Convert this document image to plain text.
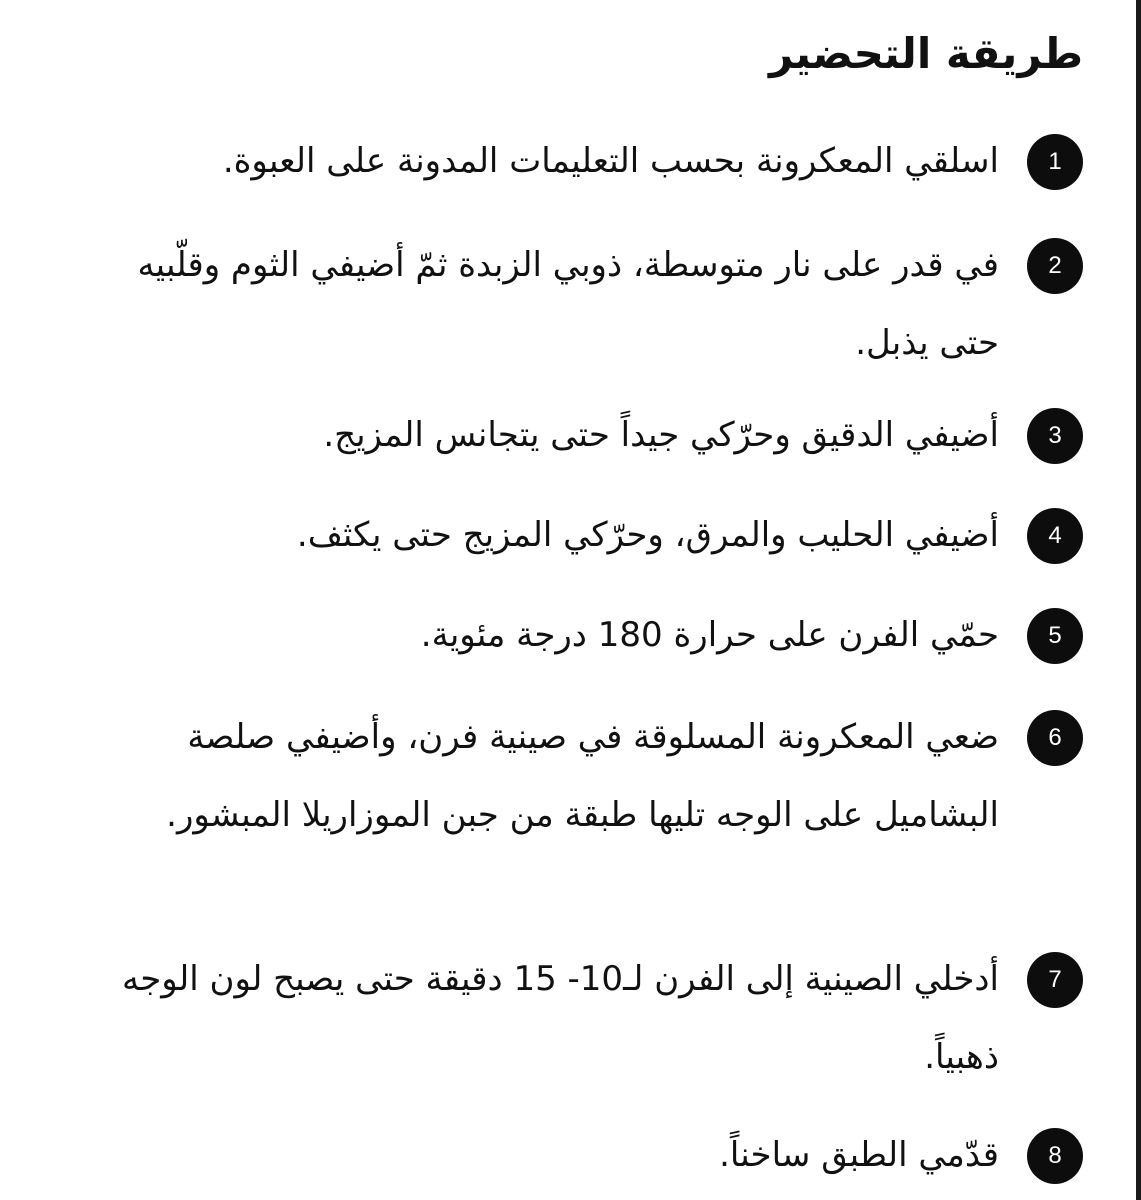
طريقة التحضير
1
اسلقي المعكرونة بحسب التعليمات المدونة على العبوة.
2
في قدر على نار متوسطة، ذوبي الزبدة ثمّ أضيفي الثوم وقلّبيه حتى يذبل.
3
أضيفي الدقيق وحرّكي جيداً حتى يتجانس المزيج.
4
أضيفي الحليب والمرق، وحرّكي المزيج حتى يكثف.
5
حمّي الفرن على حرارة 180 درجة مئوية.
6
ضعي المعكرونة المسلوقة في صينية فرن، وأضيفي صلصة البشاميل على الوجه تليها طبقة من جبن الموزاريلا المبشور.
7
أدخلي الصينية إلى الفرن لـ10- 15 دقيقة حتى يصبح لون الوجه ذهبياً.
8
قدّمي الطبق ساخناً.
